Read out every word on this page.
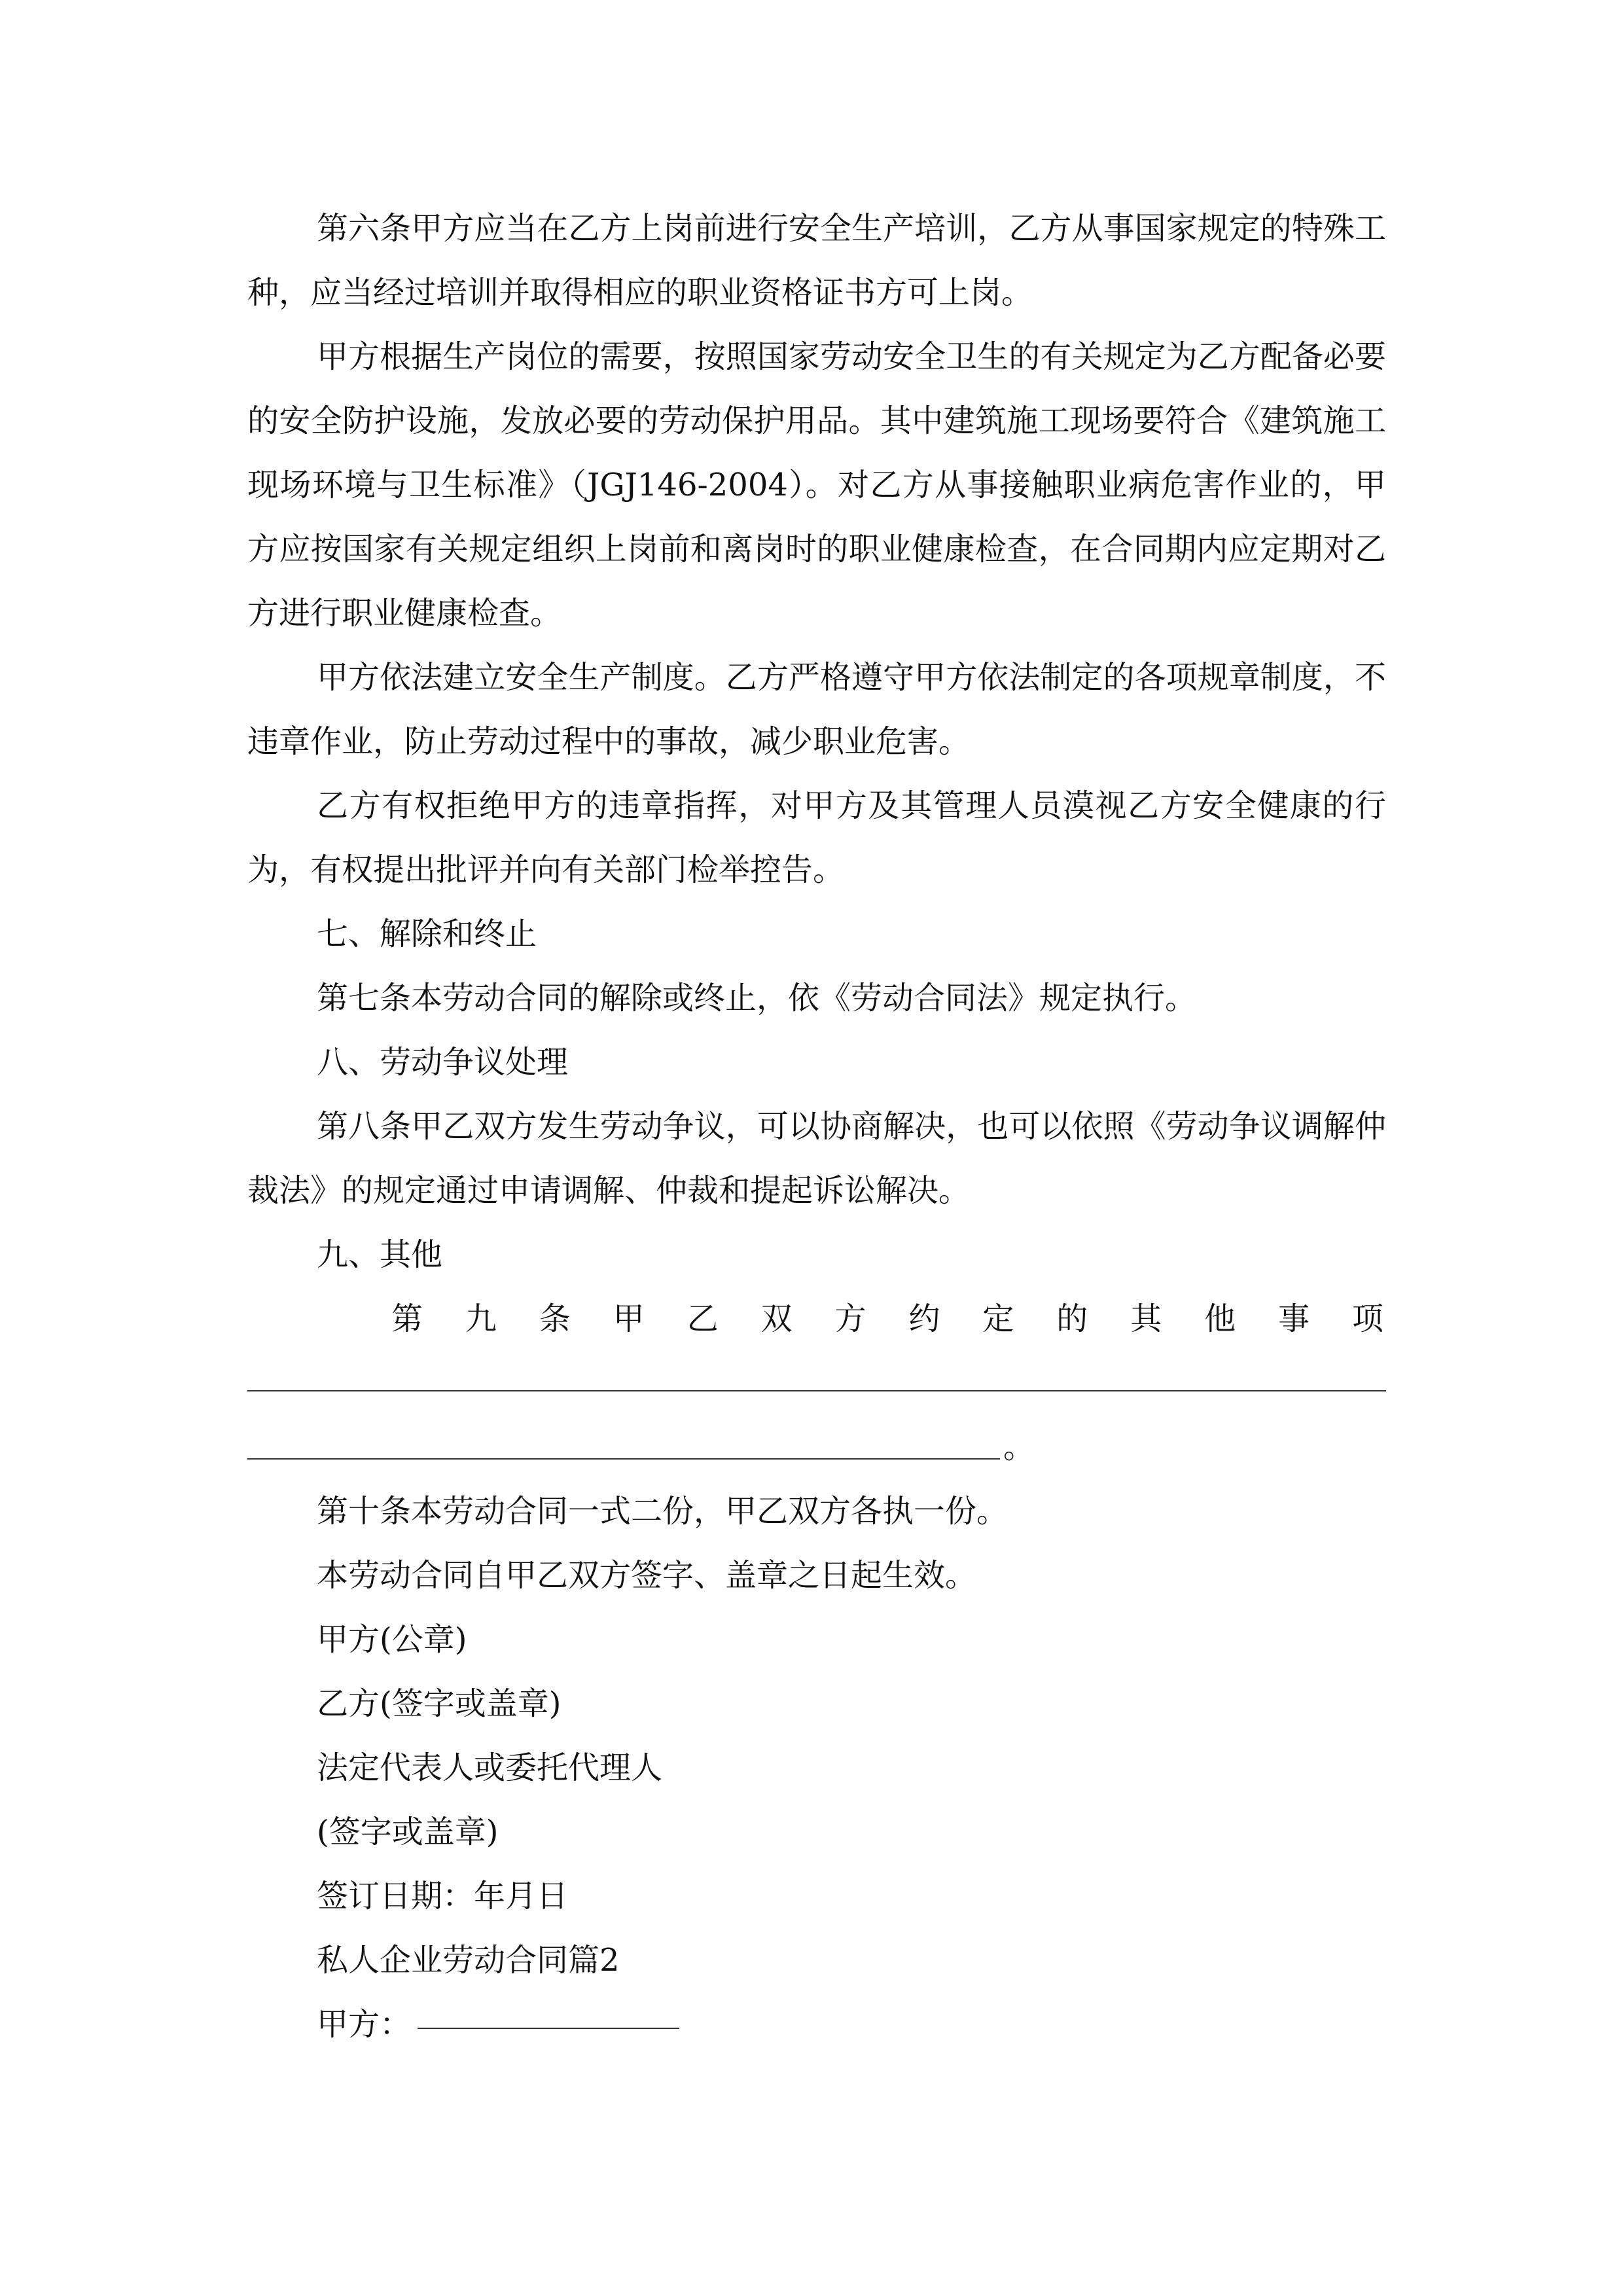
第六条甲方应当在乙方上岗前进行安全生产培训，乙方从事国家规定的特殊工种，应当经过培训并取得相应的职业资格证书方可上岗。

甲方根据生产岗位的需要，按照国家劳动安全卫生的有关规定为乙方配备必要的安全防护设施，发放必要的劳动保护用品。其中建筑施工现场要符合《建筑施工现场环境与卫生标准》（JGJ146-2004）。对乙方从事接触职业病危害作业的，甲方应按国家有关规定组织上岗前和离岗时的职业健康检查，在合同期内应定期对乙方进行职业健康检查。

甲方依法建立安全生产制度。乙方严格遵守甲方依法制定的各项规章制度，不违章作业，防止劳动过程中的事故，减少职业危害。

乙方有权拒绝甲方的违章指挥，对甲方及其管理人员漠视乙方安全健康的行为，有权提出批评并向有关部门检举控告。

七、解除和终止

第七条本劳动合同的解除或终止，依《劳动合同法》规定执行。

八、劳动争议处理

第八条甲乙双方发生劳动争议，可以协商解决，也可以依照《劳动争议调解仲裁法》的规定通过申请调解、仲裁和提起诉讼解决。

九、其他

第 九 条 甲 乙 双 方 约 定 的 其 他 事 项
。

第十条本劳动合同一式二份，甲乙双方各执一份。

本劳动合同自甲乙双方签字、盖章之日起生效。

甲方(公章)

乙方(签字或盖章)

法定代表人或委托代理人

(签字或盖章)

签订日期：年月日

私人企业劳动合同篇2

甲方：
